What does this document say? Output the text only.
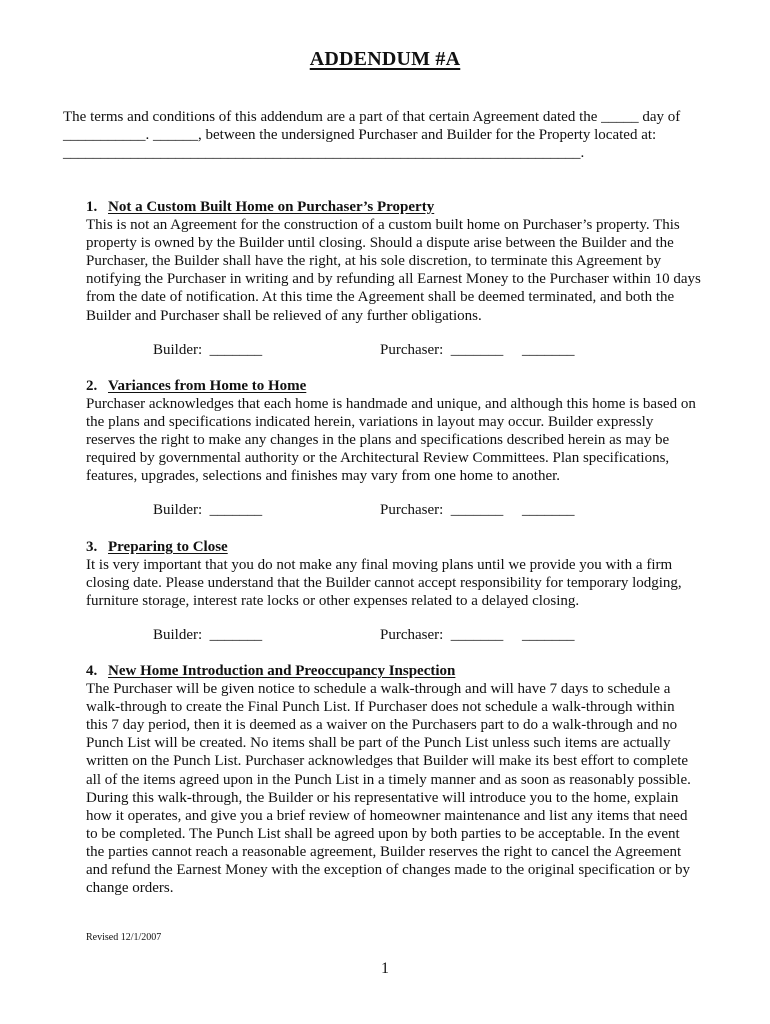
ADDENDUM #A
The terms and conditions of this addendum are a part of that certain Agreement dated the _____ day of
___________. ______, between the undersigned Purchaser and Builder for the Property located at:
_____________________________________________________________________.
1. Not a Custom Built Home on Purchaser’s Property
This is not an Agreement for the construction of a custom built home on Purchaser’s property. This
property is owned by the Builder until closing. Should a dispute arise between the Builder and the
Purchaser, the Builder shall have the right, at his sole discretion, to terminate this Agreement by
notifying the Purchaser in writing and by refunding all Earnest Money to the Purchaser within 10 days
from the date of notification. At this time the Agreement shall be deemed terminated, and both the
Builder and Purchaser shall be relieved of any further obligations.
Builder:  _______	Purchaser:  _______     _______
2. Variances from Home to Home
Purchaser acknowledges that each home is handmade and unique, and although this home is based on
the plans and specifications indicated herein, variations in layout may occur. Builder expressly
reserves the right to make any changes in the plans and specifications described herein as may be
required by governmental authority or the Architectural Review Committees. Plan specifications,
features, upgrades, selections and finishes may vary from one home to another.
Builder:  _______	Purchaser:  _______     _______
3. Preparing to Close
It is very important that you do not make any final moving plans until we provide you with a firm
closing date. Please understand that the Builder cannot accept responsibility for temporary lodging,
furniture storage, interest rate locks or other expenses related to a delayed closing.
Builder:  _______	Purchaser:  _______     _______
4. New Home Introduction and Preoccupancy Inspection
The Purchaser will be given notice to schedule a walk-through and will have 7 days to schedule a
walk-through to create the Final Punch List. If Purchaser does not schedule a walk-through within
this 7 day period, then it is deemed as a waiver on the Purchasers part to do a walk-through and no
Punch List will be created. No items shall be part of the Punch List unless such items are actually
written on the Punch List. Purchaser acknowledges that Builder will make its best effort to complete
all of the items agreed upon in the Punch List in a timely manner and as soon as reasonably possible.
During this walk-through, the Builder or his representative will introduce you to the home, explain
how it operates, and give you a brief review of homeowner maintenance and list any items that need
to be completed. The Punch List shall be agreed upon by both parties to be acceptable. In the event
the parties cannot reach a reasonable agreement, Builder reserves the right to cancel the Agreement
and refund the Earnest Money with the exception of changes made to the original specification or by
change orders.
Revised 12/1/2007
1
